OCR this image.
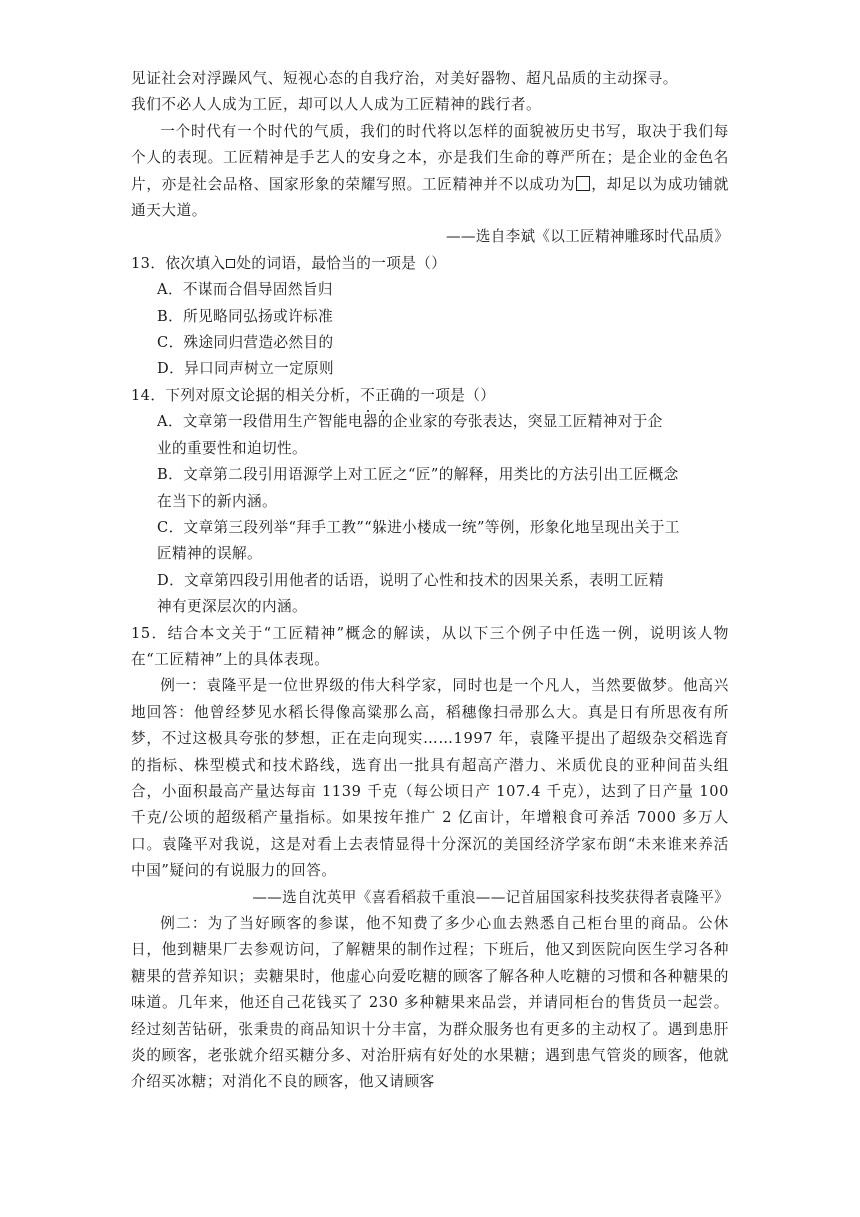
见证社会对浮躁风气、短视心态的自我疗治，对美好器物、超凡品质的主动探寻。
我们不必人人成为工匠，却可以人人成为工匠精神的践行者。

一个时代有一个时代的气质，我们的时代将以怎样的面貌被历史书写，取决于我们每个人的表现。工匠精神是手艺人的安身之本，亦是我们生命的尊严所在；是企业的金色名片，亦是社会品格、国家形象的荣耀写照。工匠精神并不以成功为 ，却足以为成功铺就通天大道。

——选自李斌《以工匠精神雕琢时代品质》

13．依次填入 处的词语，最恰当的一项是（）

A．不谋而合倡导固然旨归

B．所见略同弘扬或许标准

C．殊途同归营造必然目的

D．异口同声树立一定原则

14．下列对原文论据的相关分析，不正确的一项是（）

A．文章第一段借用生产智能电器的企业家的夸张表达，突显工匠精神对于企
业的重要性和迫切性。
B．文章第二段引用语源学上对工匠之“匠”的解释，用类比的方法引出工匠概念
在当下的新内涵。
C．文章第三段列举“拜手工教”“躲进小楼成一统”等例，形象化地呈现出关于工
匠精神的误解。
D．文章第四段引用他者的话语，说明了心性和技术的因果关系，表明工匠精
神有更深层次的内涵。

15．结合本文关于“工匠精神”概念的解读，从以下三个例子中任选一例，说明该人物在“工匠精神”上的具体表现。

例一：袁隆平是一位世界级的伟大科学家，同时也是一个凡人，当然要做梦。他高兴地回答：他曾经梦见水稻长得像高粱那么高，稻穗像扫帚那么大。真是日有所思夜有所梦，不过这极具夸张的梦想，正在走向现实……1997 年，袁隆平提出了超级杂交稻选育的指标、株型模式和技术路线，选育出一批具有超高产潜力、米质优良的亚种间苗头组合，小面积最高产量达每亩 1139 千克（每公顷日产 107.4 千克），达到了日产量 100 千克/公顷的超级稻产量指标。如果按年推广 2 亿亩计，年增粮食可养活 7000 多万人口。袁隆平对我说，这是对看上去表情显得十分深沉的美国经济学家布朗“未来谁来养活中国”疑问的有说服力的回答。

——选自沈英甲《喜看稻菽千重浪——记首届国家科技奖获得者袁隆平》

例二：为了当好顾客的参谋，他不知费了多少心血去熟悉自己柜台里的商品。公休日，他到糖果厂去参观访问，了解糖果的制作过程；下班后，他又到医院向医生学习各种糖果的营养知识；卖糖果时，他虚心向爱吃糖的顾客了解各种人吃糖的习惯和各种糖果的味道。几年来，他还自己花钱买了 230 多种糖果来品尝，并请同柜台的售货员一起尝。经过刻苦钻研，张秉贵的商品知识十分丰富，为群众服务也有更多的主动权了。遇到患肝炎的顾客，老张就介绍买糖分多、对治肝病有好处的水果糖；遇到患气管炎的顾客，他就介绍买冰糖；对消化不良的顾客，他又请顾客
